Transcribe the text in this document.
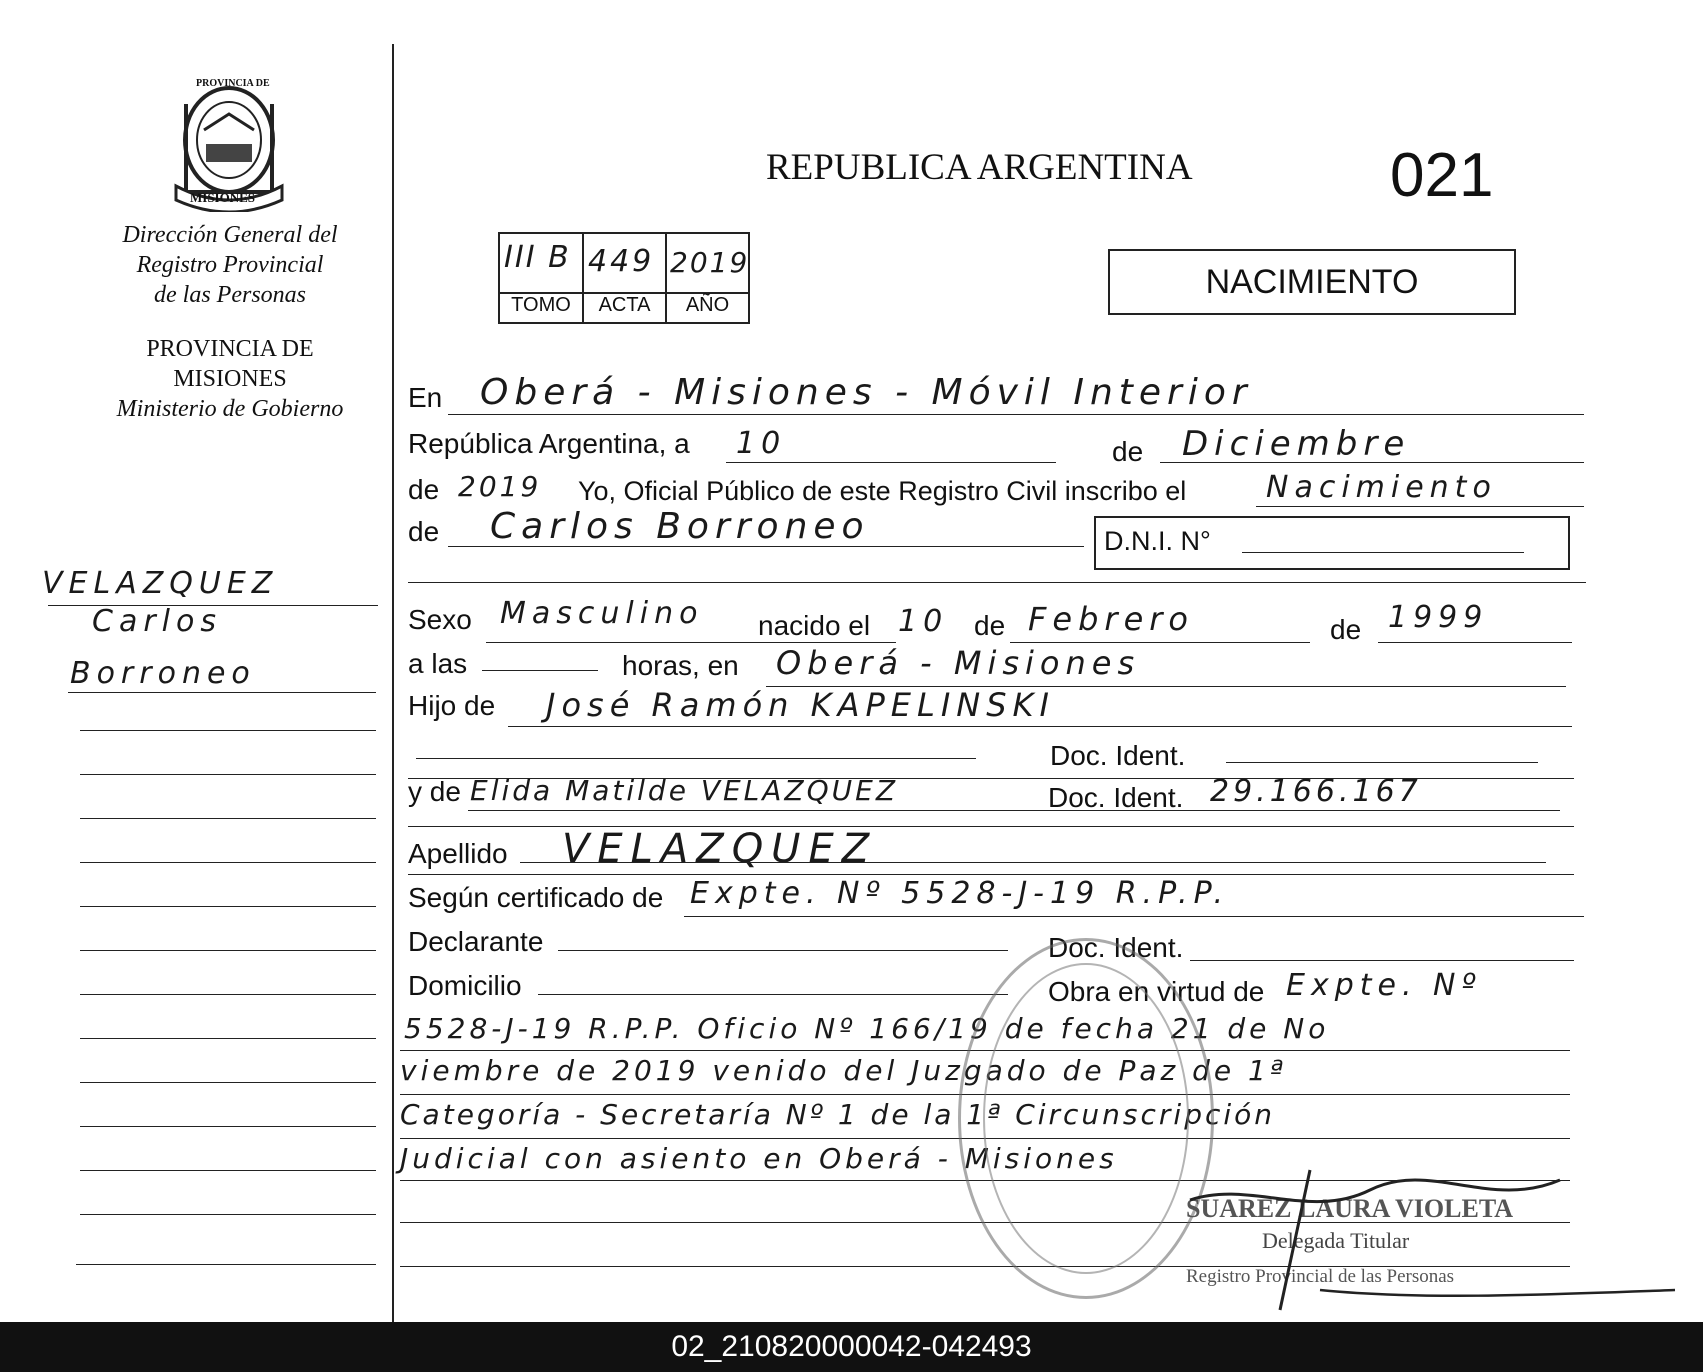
PROVINCIA DE
MISIONES
Dirección General del
Registro Provincial
de las Personas
PROVINCIA DE
MISIONES
Ministerio de Gobierno
VELAZQUEZ
Carlos
Borroneo
REPUBLICA ARGENTINA	021
NACIMIENTO
III B 449 2019
TOMO	ACTA	AÑO
En Oberá - Misiones - Móvil Interior
República Argentina, a 10	de Diciembre
de 2019 Yo, Oficial Público de este Registro Civil inscribo el	Nacimiento
de Carlos Borroneo	D.N.I. N°
Sexo Masculino nacido el 10 de Febrero	de 1999
a las	horas, en Oberá - Misiones
Hijo de José Ramón KAPELINSKI
Doc. Ident.
y de Elida Matilde VELAZQUEZ	Doc. Ident. 29.166.167
Apellido VELAZQUEZ
Según certificado de Expte. Nº 5528-J-19 R.P.P.
Declarante	Doc. Ident.
Domicilio	Obra en virtud de Expte. Nº
5528-J-19 R.P.P. Oficio Nº 166/19 de fecha 21 de No
viembre de 2019 venido del Juzgado de Paz de 1ª
Categoría - Secretaría Nº 1 de la 1ª Circunscripción
Judicial con asiento en Oberá - Misiones
SUAREZ LAURA VIOLETA
Delegada Titular
Registro Provincial de las Personas
02_210820000042-042493
